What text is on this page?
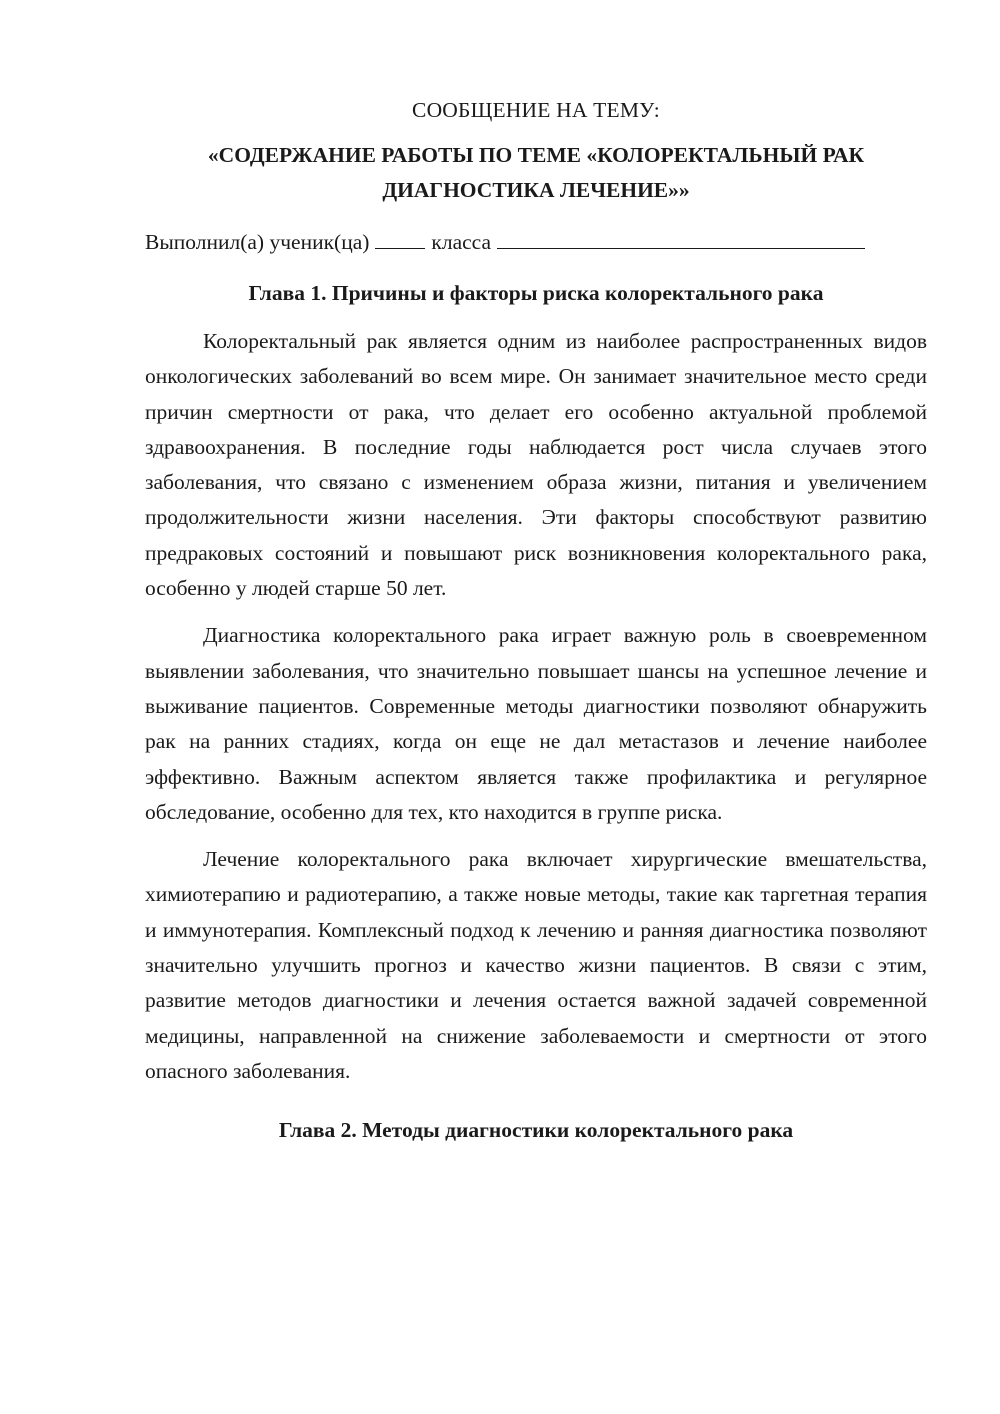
СООБЩЕНИЕ НА ТЕМУ:
«СОДЕРЖАНИЕ РАБОТЫ ПО ТЕМЕ «КОЛОРЕКТАЛЬНЫЙ РАК
ДИАГНОСТИКА ЛЕЧЕНИЕ»»
Выполнил(а) ученик(ца)	класса
Глава 1. Причины и факторы риска колоректального рака

Колоректальный рак является одним из наиболее распространенных видов онкологических заболеваний во всем мире. Он занимает значительное место среди причин смертности от рака, что делает его особенно актуальной проблемой здравоохранения. В последние годы наблюдается рост числа случаев этого заболевания, что связано с изменением образа жизни, питания и увеличением продолжительности жизни населения. Эти факторы способствуют развитию предраковых состояний и повышают риск возникновения колоректального рака, особенно у людей старше 50 лет.

Диагностика колоректального рака играет важную роль в своевременном выявлении заболевания, что значительно повышает шансы на успешное лечение и выживание пациентов. Современные методы диагностики позволяют обнаружить рак на ранних стадиях, когда он еще не дал метастазов и лечение наиболее эффективно. Важным аспектом является также профилактика и регулярное обследование, особенно для тех, кто находится в группе риска.

Лечение колоректального рака включает хирургические вмешательства, химиотерапию и радиотерапию, а также новые методы, такие как таргетная терапия и иммунотерапия. Комплексный подход к лечению и ранняя диагностика позволяют значительно улучшить прогноз и качество жизни пациентов. В связи с этим, развитие методов диагностики и лечения остается важной задачей современной медицины, направленной на снижение заболеваемости и смертности от этого опасного заболевания.

Глава 2. Методы диагностики колоректального рака
